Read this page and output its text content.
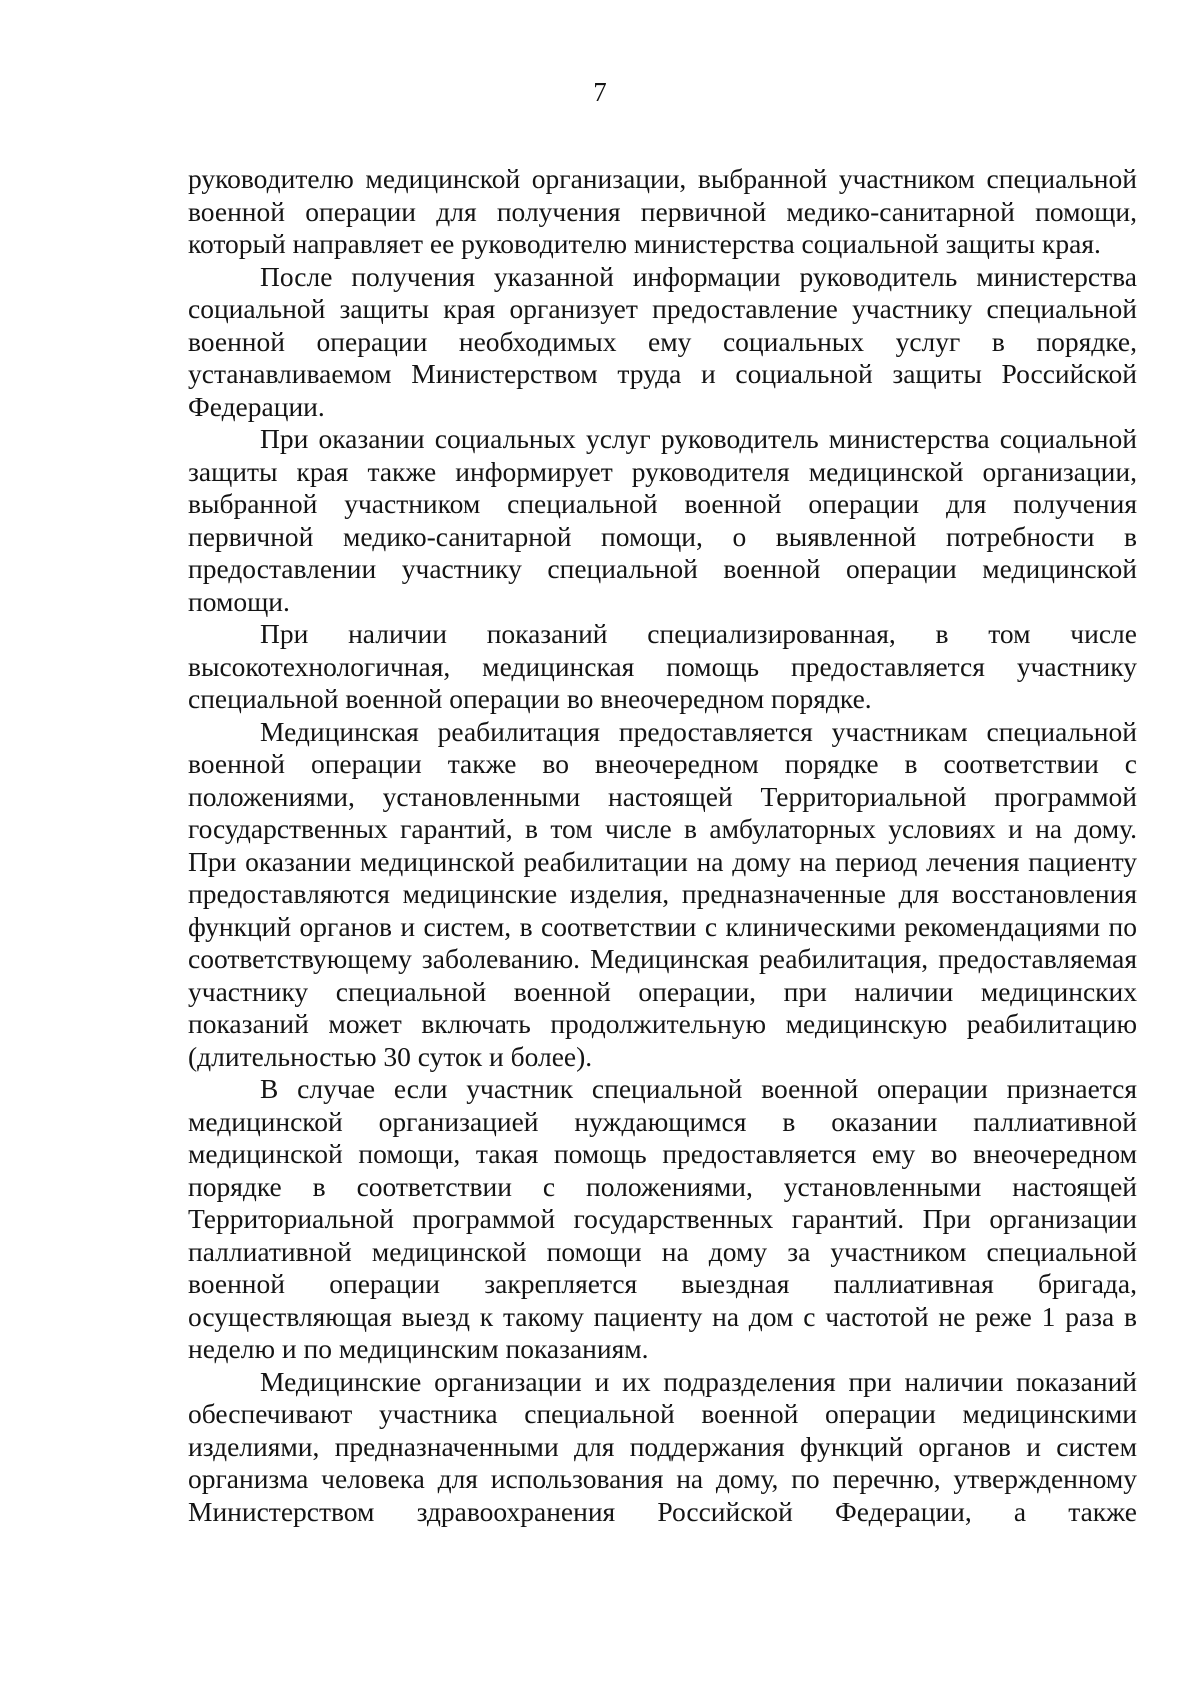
7

руководителю медицинской организации, выбранной участником специальной военной операции для получения первичной медико-санитарной помощи, который направляет ее руководителю министерства социальной защиты края.

После получения указанной информации руководитель министерства социальной защиты края организует предоставление участнику специальной военной операции необходимых ему социальных услуг в порядке, устанавливаемом Министерством труда и социальной защиты Российской Федерации.

При оказании социальных услуг руководитель министерства социальной защиты края также информирует руководителя медицинской организации, выбранной участником специальной военной операции для получения первичной медико-санитарной помощи, о выявленной потребности в предоставлении участнику специальной военной операции медицинской помощи.

При наличии показаний специализированная, в том числе высокотехнологичная, медицинская помощь предоставляется участнику специальной военной операции во внеочередном порядке.

Медицинская реабилитация предоставляется участникам специальной военной операции также во внеочередном порядке в соответствии с положениями, установленными настоящей Территориальной программой государственных гарантий, в том числе в амбулаторных условиях и на дому. При оказании медицинской реабилитации на дому на период лечения пациенту предоставляются медицинские изделия, предназначенные для восстановления функций органов и систем, в соответствии с клиническими рекомендациями по соответствующему заболеванию. Медицинская реабилитация, предоставляемая участнику специальной военной операции, при наличии медицинских показаний может включать продолжительную медицинскую реабилитацию (длительностью 30 суток и более).

В случае если участник специальной военной операции признается медицинской организацией нуждающимся в оказании паллиативной медицинской помощи, такая помощь предоставляется ему во внеочередном порядке в соответствии с положениями, установленными настоящей Территориальной программой государственных гарантий. При организации паллиативной медицинской помощи на дому за участником специальной военной операции закрепляется выездная паллиативная бригада, осуществляющая выезд к такому пациенту на дом с частотой не реже 1 раза в неделю и по медицинским показаниям.

Медицинские организации и их подразделения при наличии показаний обеспечивают участника специальной военной операции медицинскими изделиями, предназначенными для поддержания функций органов и систем организма человека для использования на дому, по перечню, утвержденному Министерством здравоохранения Российской Федерации, а также
